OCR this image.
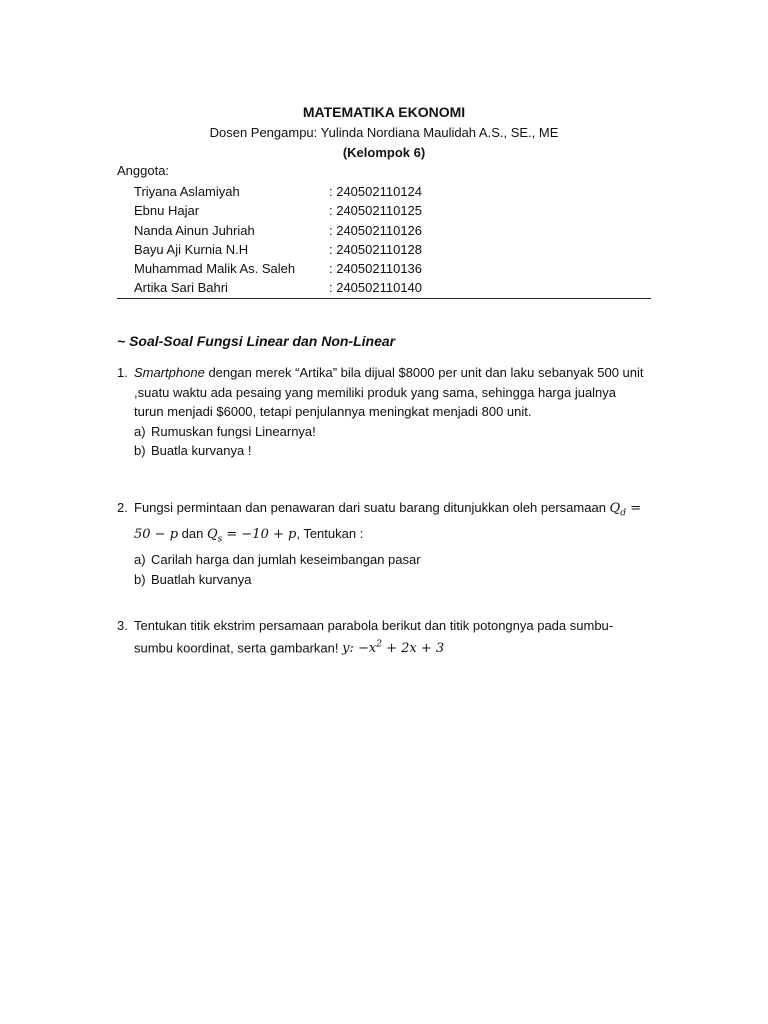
MATEMATIKA EKONOMI
Dosen Pengampu: Yulinda Nordiana Maulidah A.S., SE., ME
(Kelompok 6)
Anggota:
Triyana Aslamiyah	: 240502110124
Ebnu Hajar	: 240502110125
Nanda Ainun Juhriah	: 240502110126
Bayu Aji Kurnia N.H	: 240502110128
Muhammad Malik As. Saleh	: 240502110136
Artika Sari Bahri	: 240502110140
~ Soal-Soal Fungsi Linear dan Non-Linear
1. Smartphone dengan merek “Artika” bila dijual $8000 per unit dan laku sebanyak 500 unit ,suatu waktu ada pesaing yang memiliki produk yang sama, sehingga harga jualnya turun menjadi $6000, tetapi penjulannya meningkat menjadi 800 unit.
a) Rumuskan fungsi Linearnya!
b) Buatla kurvanya !
2. Fungsi permintaan dan penawaran dari suatu barang ditunjukkan oleh persamaan $Q_d = 50 - p$ dan $Q_s = -10 + p$, Tentukan :
a) Carilah harga dan jumlah keseimbangan pasar
b) Buatlah kurvanya
3. Tentukan titik ekstrim persamaan parabola berikut dan titik potongnya pada sumbu-sumbu koordinat, serta gambarkan! y: $-x^2 + 2x + 3$
